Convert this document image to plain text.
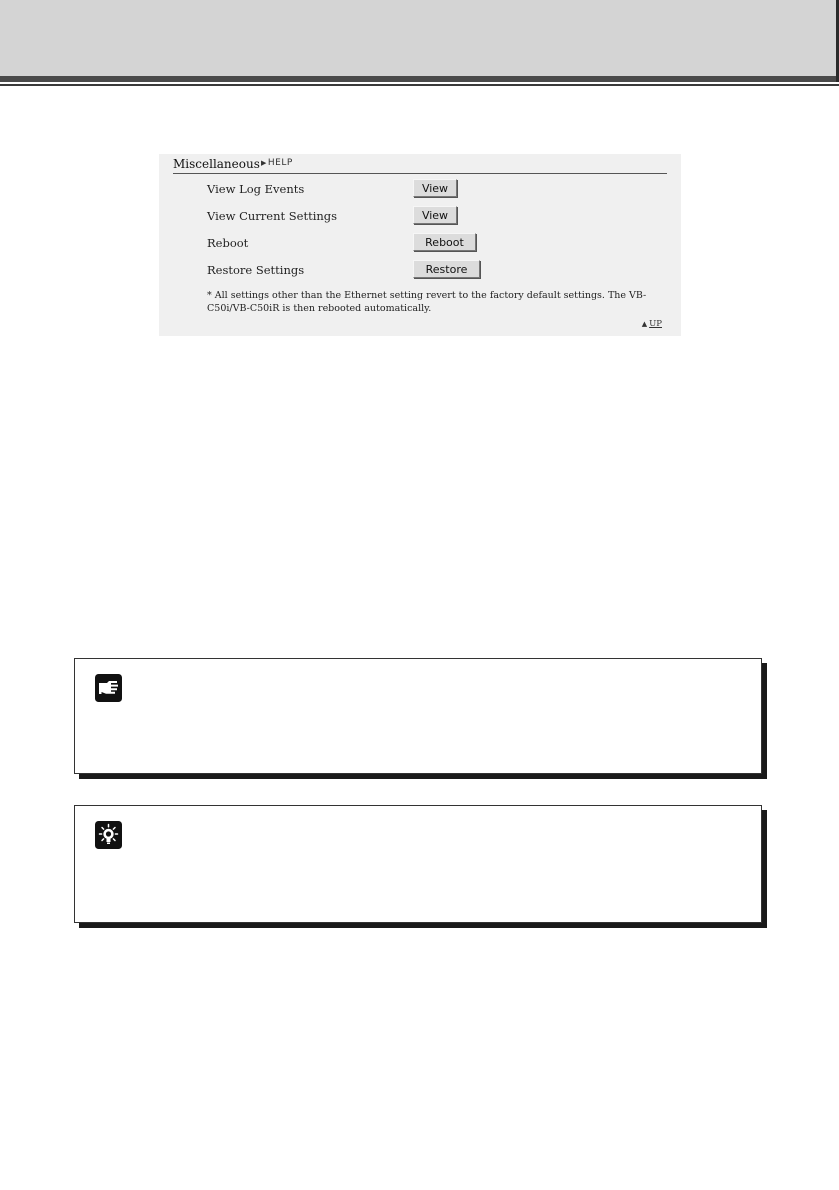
Miscellaneous ▶HELP
View Log Events	View
View Current Settings	View
Reboot	Reboot
Restore Settings	Restore
* All settings other than the Ethernet setting revert to the factory default settings. The VB-C50i/VB-C50iR is then rebooted automatically.
▲ UP
